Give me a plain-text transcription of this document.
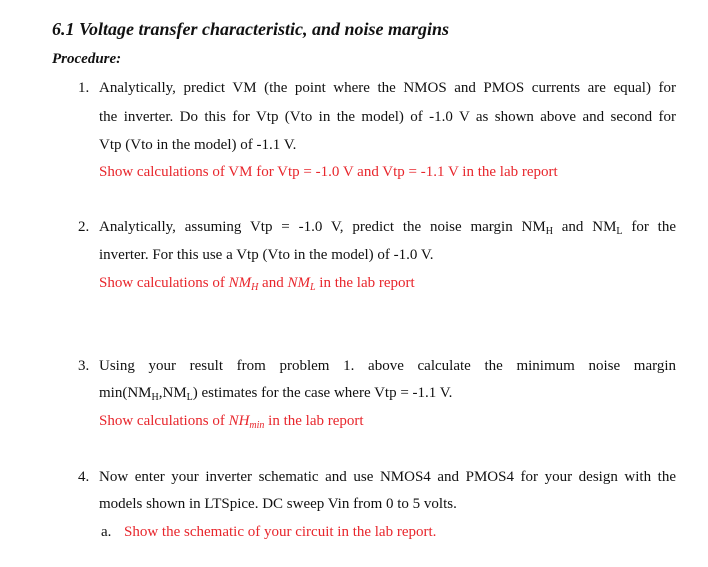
6.1 Voltage transfer characteristic, and noise margins
Procedure:
1. Analytically, predict VM (the point where the NMOS and PMOS currents are equal) for
the inverter. Do this for Vtp (Vto in the model) of -1.0 V as shown above and second for
Vtp (Vto in the model) of -1.1 V.
Show calculations of VM for Vtp = -1.0 V and Vtp = -1.1 V in the lab report
2. Analytically, assuming Vtp = -1.0 V, predict the noise margin $NM_H$ and $NM_L$ for the
inverter. For this use a Vtp (Vto in the model) of -1.0 V.
Show calculations of $NM_H$ and $NM_L$ in the lab report
3. Using your result from problem 1. above calculate the minimum noise margin
$\min(NM_H,NM_L)$ estimates for the case where Vtp = -1.1 V.
Show calculations of $NH_{min}$ in the lab report
4. Now enter your inverter schematic and use NMOS4 and PMOS4 for your design with the
models shown in LTSpice. DC sweep Vin from 0 to 5 volts.
a. Show the schematic of your circuit in the lab report.
